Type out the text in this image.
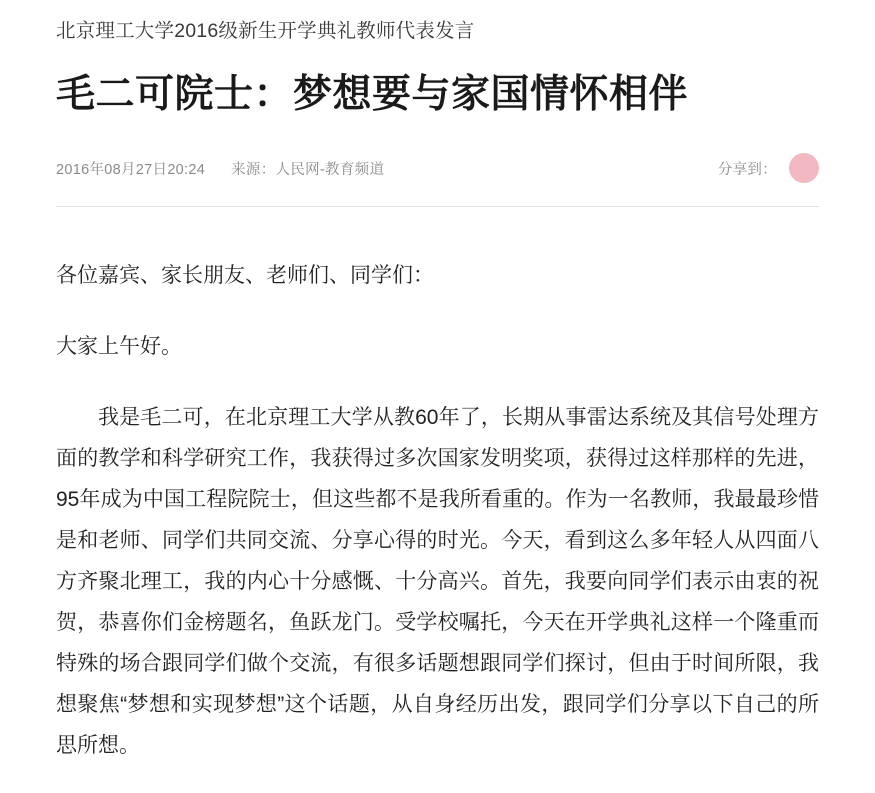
北京理工大学2016级新生开学典礼教师代表发言
毛二可院士：梦想要与家国情怀相伴
2016年08月27日20:24 来源：人民网-教育频道	分享到：

各位嘉宾、家长朋友、老师们、同学们：

大家上午好。

我是毛二可，在北京理工大学从教60年了，长期从事雷达系统及其信号处理方面的教学和科学研究工作，我获得过多次国家发明奖项，获得过这样那样的先进，95年成为中国工程院院士，但这些都不是我所看重的。作为一名教师，我最最珍惜是和老师、同学们共同交流、分享心得的时光。今天，看到这么多年轻人从四面八方齐聚北理工，我的内心十分感慨、十分高兴。首先，我要向同学们表示由衷的祝贺，恭喜你们金榜题名，鱼跃龙门。受学校嘱托，今天在开学典礼这样一个隆重而特殊的场合跟同学们做个交流，有很多话题想跟同学们探讨，但由于时间所限，我想聚焦“梦想和实现梦想”这个话题，从自身经历出发，跟同学们分享以下自己的所思所想。
